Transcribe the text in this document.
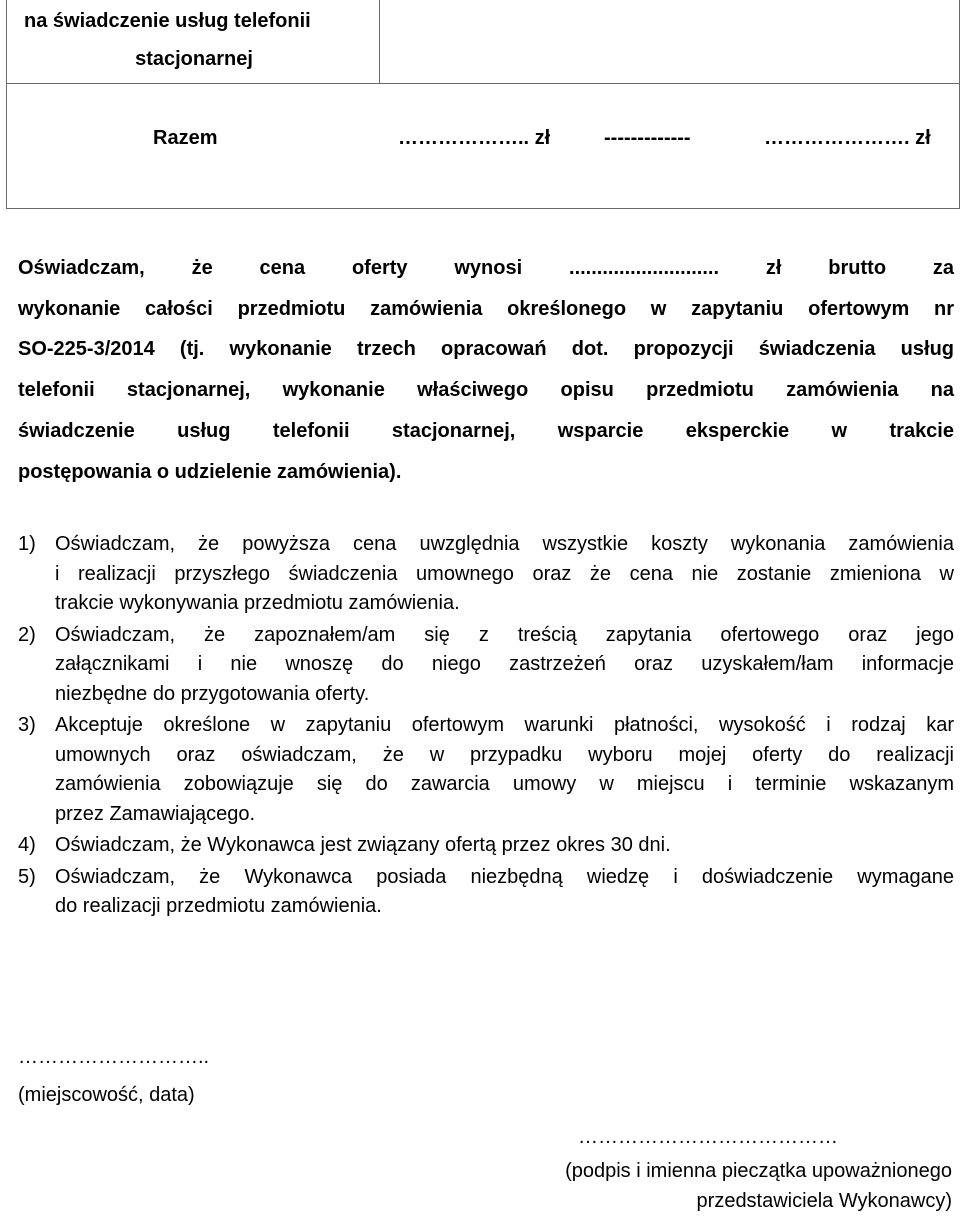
na świadczenie usług telefonii
stacjonarnej
Razem	……………….. zł	-------------	…………………. zł
Oświadczam, że cena oferty wynosi ........................... zł brutto za
wykonanie całości przedmiotu zamówienia określonego w zapytaniu ofertowym nr
SO-225-3/2014 (tj. wykonanie trzech opracowań dot. propozycji świadczenia usług
telefonii stacjonarnej, wykonanie właściwego opisu przedmiotu zamówienia na
świadczenie usług telefonii stacjonarnej, wsparcie eksperckie w trakcie
postępowania o udzielenie zamówienia).
1) Oświadczam, że powyższa cena uwzględnia wszystkie koszty wykonania zamówienia
i realizacji przyszłego świadczenia umownego oraz że cena nie zostanie zmieniona w
trakcie wykonywania przedmiotu zamówienia.
2) Oświadczam, że zapoznałem/am się z treścią zapytania ofertowego oraz jego
załącznikami i nie wnoszę do niego zastrzeżeń oraz uzyskałem/łam informacje
niezbędne do przygotowania oferty.
3) Akceptuje określone w zapytaniu ofertowym warunki płatności, wysokość i rodzaj kar
umownych oraz oświadczam, że w przypadku wyboru mojej oferty do realizacji
zamówienia zobowiązuje się do zawarcia umowy w miejscu i terminie wskazanym
przez Zamawiającego.
4) Oświadczam, że Wykonawca jest związany ofertą przez okres 30 dni.
5) Oświadczam, że Wykonawca posiada niezbędną wiedzę i doświadczenie wymagane
do realizacji przedmiotu zamówienia.
………………………..
(miejscowość, data)
…………………………………
(podpis i imienna pieczątka upoważnionego
przedstawiciela Wykonawcy)
